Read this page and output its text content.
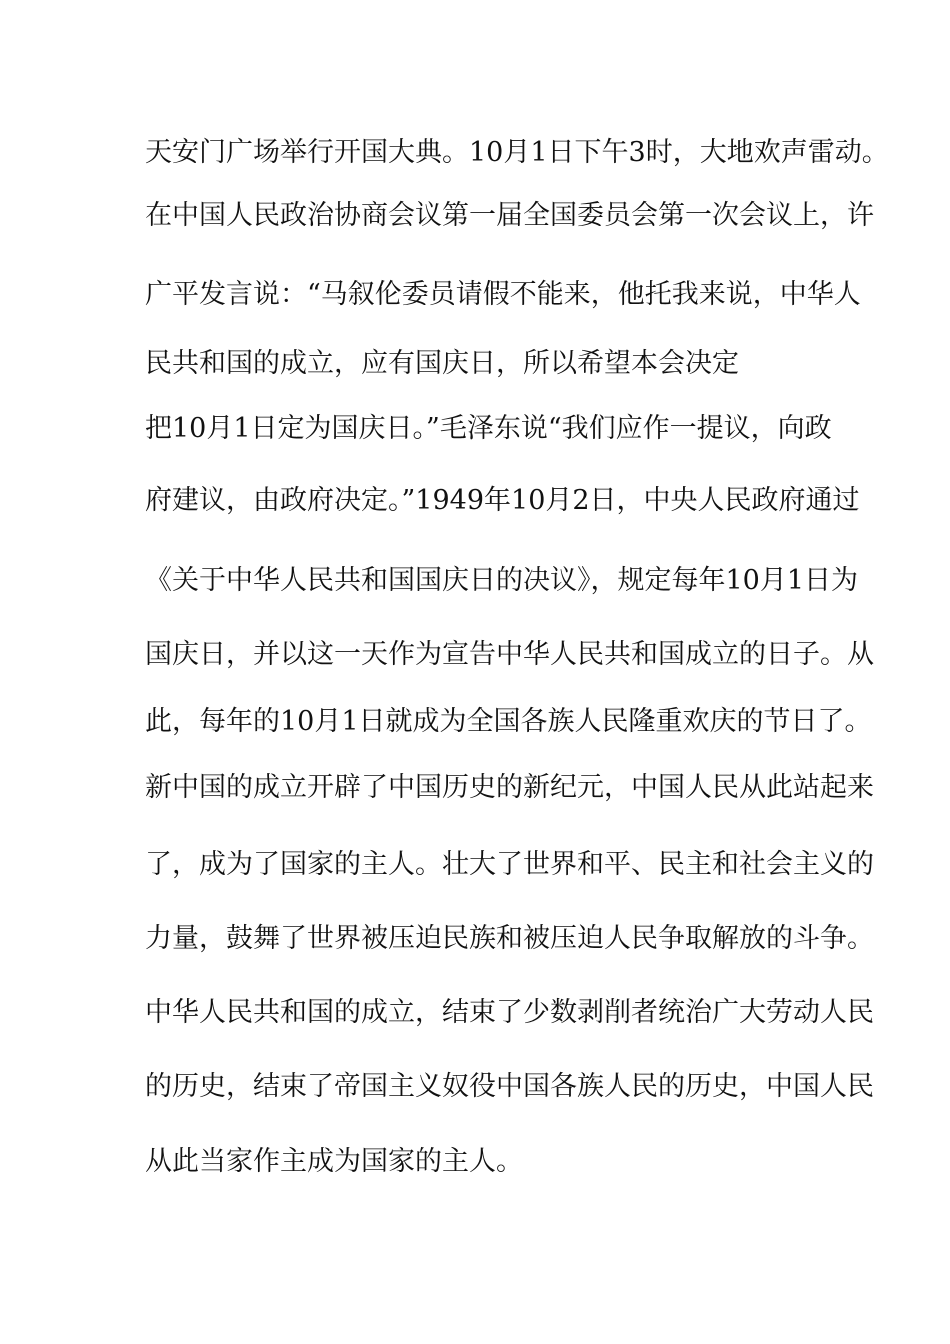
天安门广场举行开国大典。10月1日下午3时，大地欢声雷动。
在中国人民政治协商会议第一届全国委员会第一次会议上，许
广平发言说：“马叙伦委员请假不能来，他托我来说，中华人
民共和国的成立，应有国庆日，所以希望本会决定
把10月1日定为国庆日。”毛泽东说“我们应作一提议，向政
府建议，由政府决定。”1949年10月2日，中央人民政府通过
《关于中华人民共和国国庆日的决议》，规定每年10月1日为
国庆日，并以这一天作为宣告中华人民共和国成立的日子。从
此，每年的10月1日就成为全国各族人民隆重欢庆的节日了。
新中国的成立开辟了中国历史的新纪元，中国人民从此站起来
了，成为了国家的主人。壮大了世界和平、民主和社会主义的
力量，鼓舞了世界被压迫民族和被压迫人民争取解放的斗争。
中华人民共和国的成立，结束了少数剥削者统治广大劳动人民
的历史，结束了帝国主义奴役中国各族人民的历史，中国人民
从此当家作主成为国家的主人。
